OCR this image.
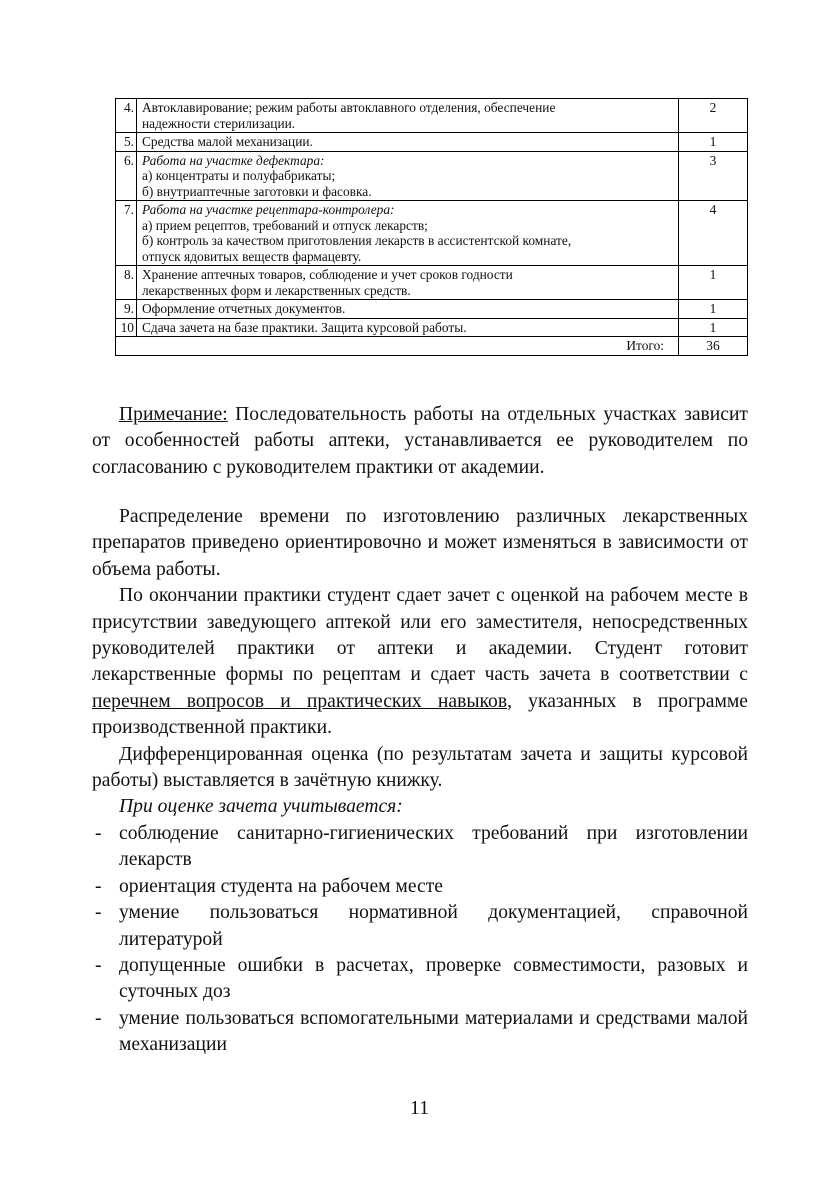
4.	Автоклавирование; режим работы автоклавного отделения, обеспечение
надежности стерилизации.	2
5.	Средства малой механизации.	1
6.	Работа на участке дефектара:
а) концентраты и полуфабрикаты;
б) внутриаптечные заготовки и фасовка.	3
7.	Работа на участке рецептара-контролера:
а) прием рецептов, требований и отпуск лекарств;
б) контроль за качеством приготовления лекарств в ассистентской комнате,
отпуск ядовитых веществ фармацевту.	4
8.	Хранение аптечных товаров, соблюдение и учет сроков годности
лекарственных форм и лекарственных средств.	1
9.	Оформление отчетных документов.	1
10	Сдача зачета на базе практики. Защита курсовой работы.	1
Итого:		36

Примечание: Последовательность работы на отдельных участках зависит от особенностей работы аптеки, устанавливается ее руководителем по согласованию с руководителем практики от академии.

Распределение времени по изготовлению различных лекарственных препаратов приведено ориентировочно и может изменяться в зависимости от объема работы.

По окончании практики студент сдает зачет с оценкой на рабочем месте в присутствии заведующего аптекой или его заместителя, непосредственных руководителей практики от аптеки и академии. Студент готовит лекарственные формы по рецептам и сдает часть зачета в соответствии с перечнем вопросов и практических навыков, указанных в программе производственной практики.

Дифференцированная оценка (по результатам зачета и защиты курсовой работы) выставляется в зачётную книжку.

При оценке зачета учитывается:

- соблюдение санитарно-гигиенических требований при изготовлении лекарств
- ориентация студента на рабочем месте
- умение пользоваться нормативной документацией, справочной литературой
- допущенные ошибки в расчетах, проверке совместимости, разовых и суточных доз
- умение пользоваться вспомогательными материалами и средствами малой механизации
11
